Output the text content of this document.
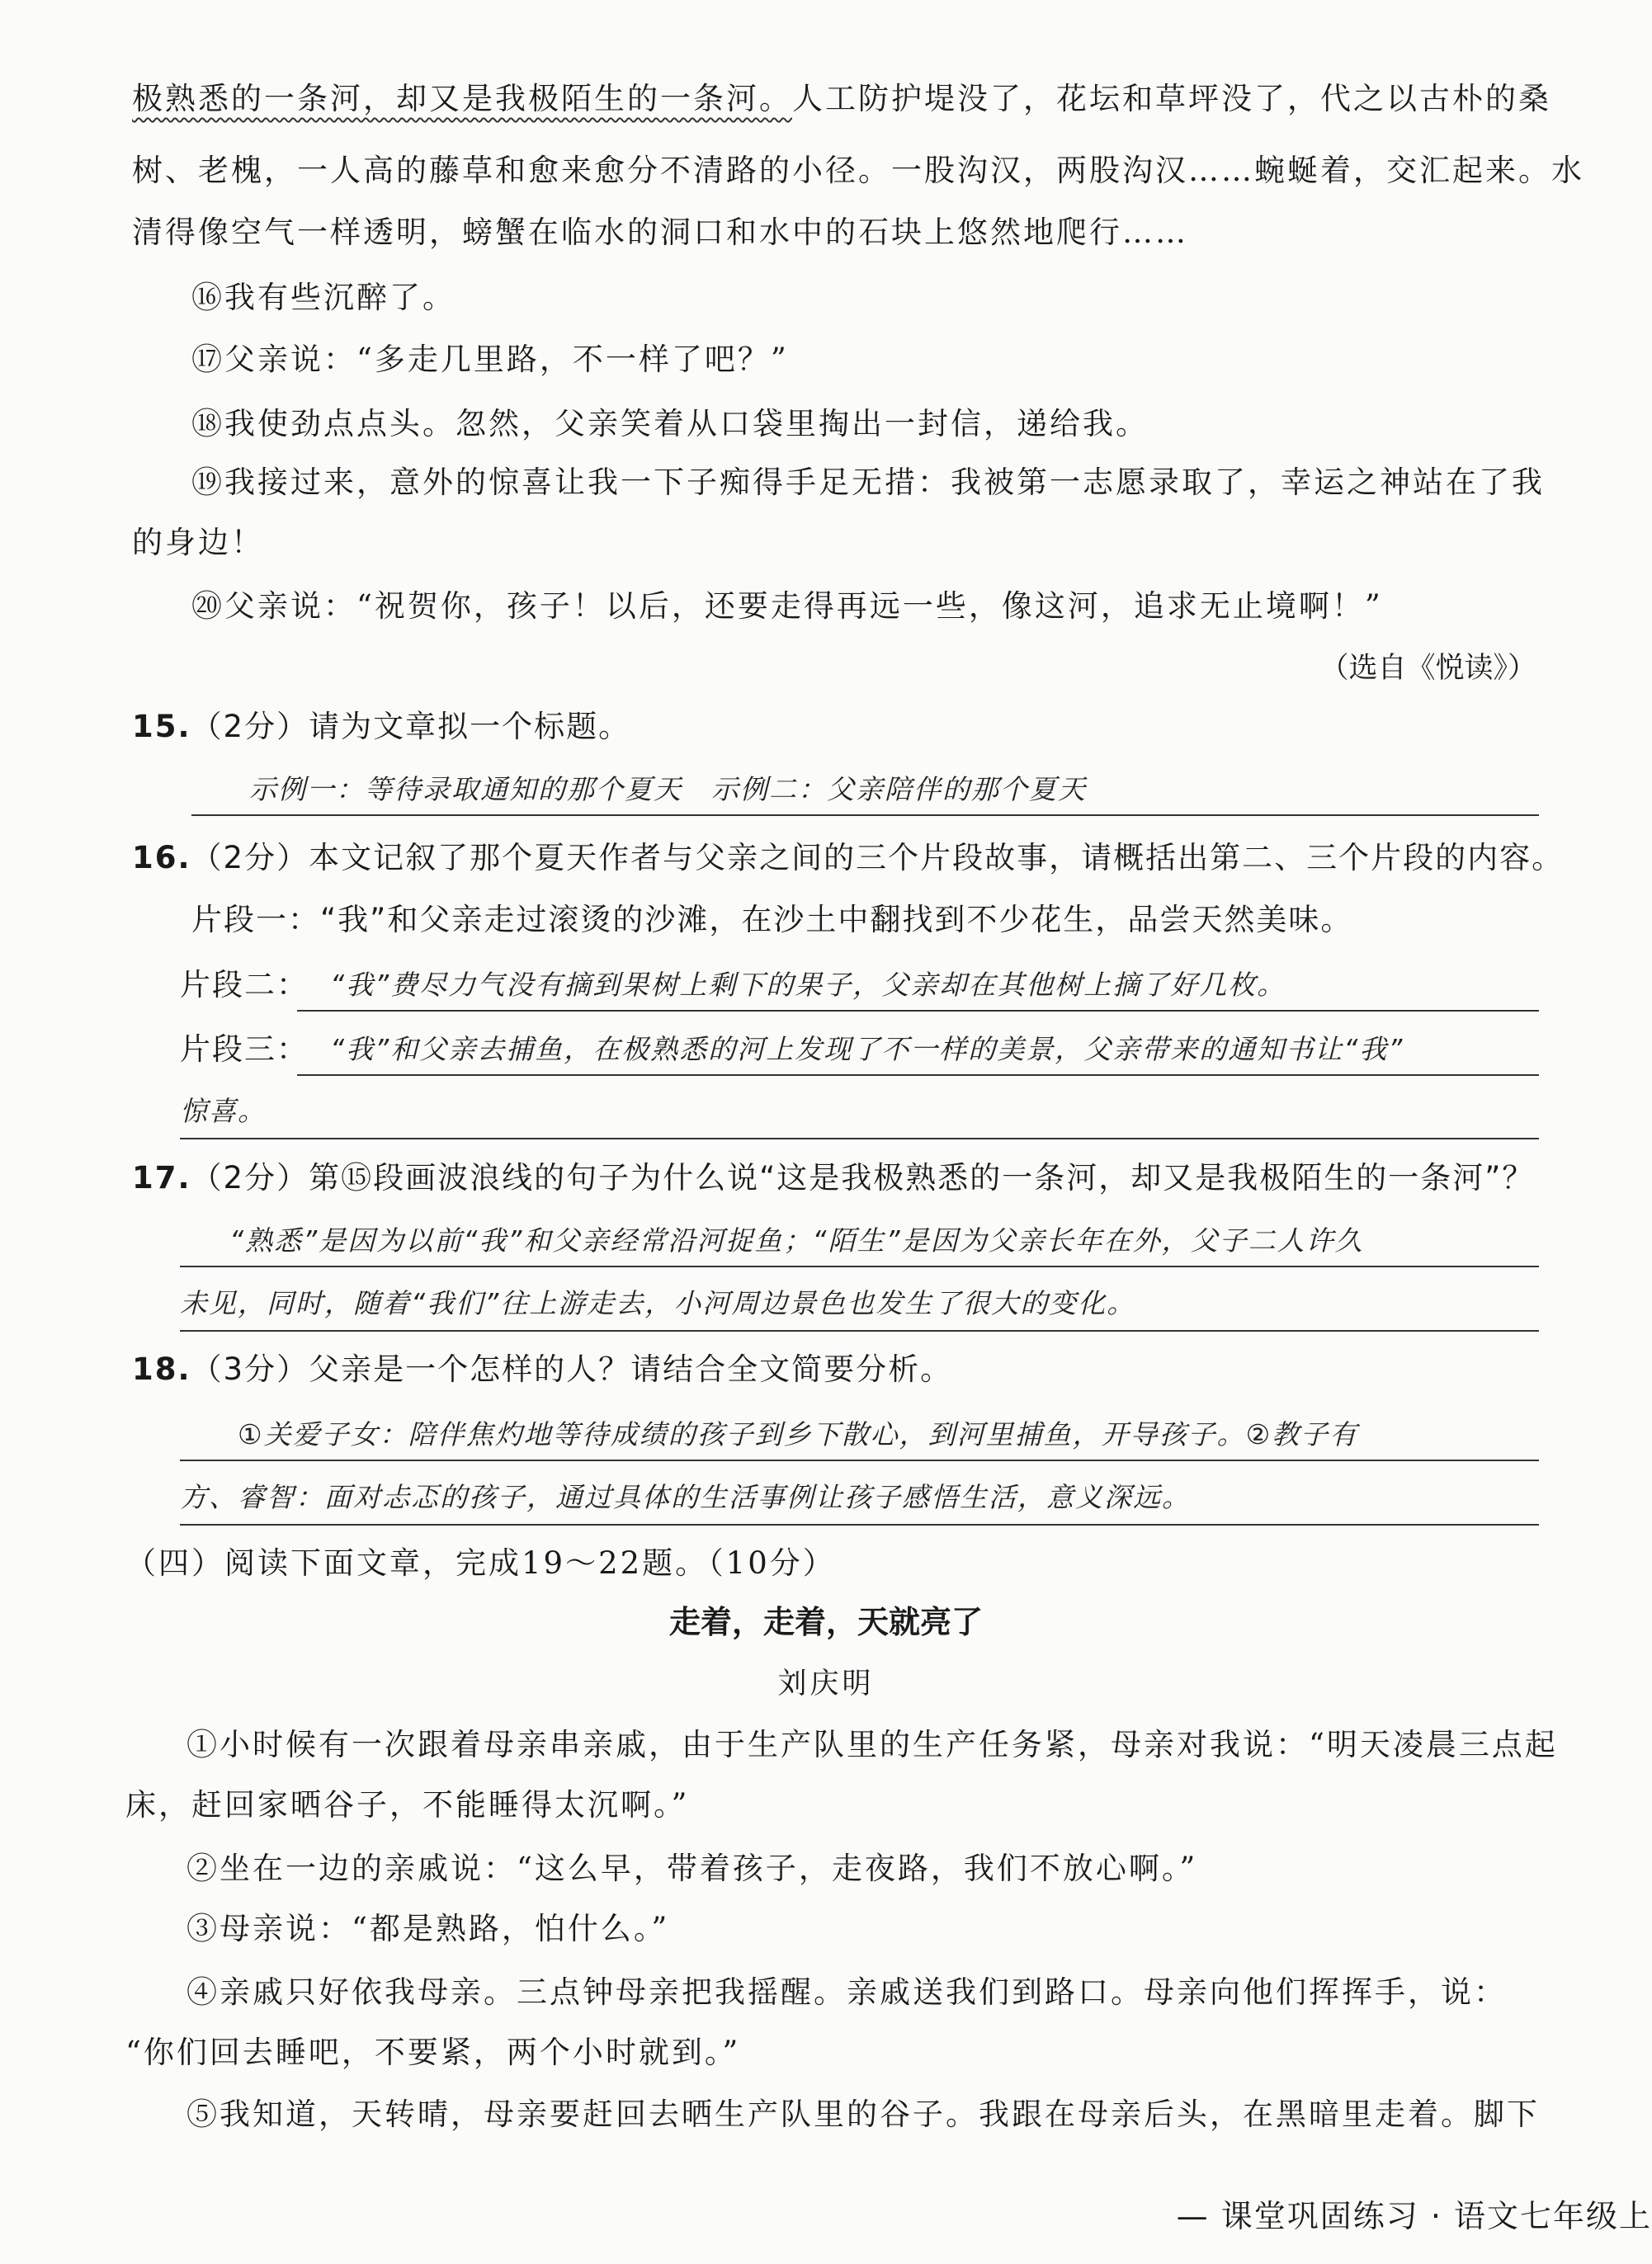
极熟悉的一条河，却又是我极陌生的一条河。人工防护堤没了，花坛和草坪没了，代之以古朴的桑
树、老槐，一人高的藤草和愈来愈分不清路的小径。一股沟汉，两股沟汉……蜿蜒着，交汇起来。水
清得像空气一样透明，螃蟹在临水的洞口和水中的石块上悠然地爬行……
⑯我有些沉醉了。
⑰父亲说：“多走几里路，不一样了吧？”
⑱我使劲点点头。忽然，父亲笑着从口袋里掏出一封信，递给我。
⑲我接过来，意外的惊喜让我一下子痴得手足无措：我被第一志愿录取了，幸运之神站在了我
的身边！
⑳父亲说：“祝贺你，孩子！以后，还要走得再远一些，像这河，追求无止境啊！”
（选自《悦读》）
15.（2分）请为文章拟一个标题。
示例一：等待录取通知的那个夏天　示例二：父亲陪伴的那个夏天
16.（2分）本文记叙了那个夏天作者与父亲之间的三个片段故事，请概括出第二、三个片段的内容。
片段一：“我”和父亲走过滚烫的沙滩，在沙土中翻找到不少花生，品尝天然美味。
片段二： “我”费尽力气没有摘到果树上剩下的果子，父亲却在其他树上摘了好几枚。
片段三： “我”和父亲去捕鱼，在极熟悉的河上发现了不一样的美景，父亲带来的通知书让“我”
惊喜。
17.（2分）第⑮段画波浪线的句子为什么说“这是我极熟悉的一条河，却又是我极陌生的一条河”？
“熟悉”是因为以前“我”和父亲经常沿河捉鱼；“陌生”是因为父亲长年在外，父子二人许久
未见，同时，随着“我们”往上游走去，小河周边景色也发生了很大的变化。
18.（3分）父亲是一个怎样的人？请结合全文简要分析。
①关爱子女：陪伴焦灼地等待成绩的孩子到乡下散心，到河里捕鱼，开导孩子。②教子有
方、睿智：面对忐忑的孩子，通过具体的生活事例让孩子感悟生活，意义深远。
（四）阅读下面文章，完成19～22题。（10分）
走着，走着，天就亮了
刘庆明
①小时候有一次跟着母亲串亲戚，由于生产队里的生产任务紧，母亲对我说：“明天凌晨三点起
床，赶回家晒谷子，不能睡得太沉啊。”
②坐在一边的亲戚说：“这么早，带着孩子，走夜路，我们不放心啊。”
③母亲说：“都是熟路，怕什么。”
④亲戚只好依我母亲。三点钟母亲把我摇醒。亲戚送我们到路口。母亲向他们挥挥手，说：
“你们回去睡吧，不要紧，两个小时就到。”
⑤我知道，天转晴，母亲要赶回去晒生产队里的谷子。我跟在母亲后头，在黑暗里走着。脚下
— 课堂巩固练习 · 语文七年级上
